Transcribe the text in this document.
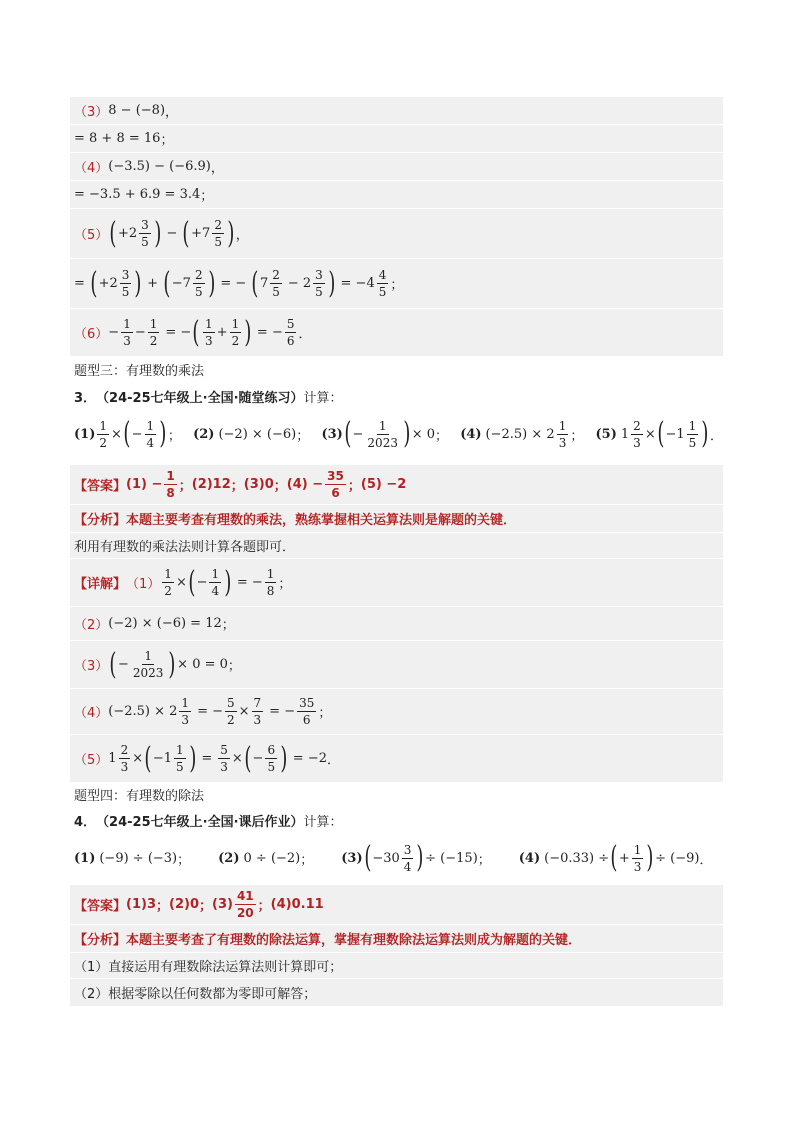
（3） 8 − (−8) ，
= 8 + 8 = 16 ；
（4） (−3.5) − (−6.9) ，
= −3.5 + 6.9 = 3.4 ；
（5） ( $+2 \frac{3}{5}$ ) − ( $+7 \frac{2}{5}$ ) ，
= ( $+2 \frac{3}{5}$ ) + ( $-7 \frac{2}{5}$ ) = − ( $7 \frac{2}{5} - 2 \frac{3}{5}$ ) = $-4 \frac{4}{5}$ ；
$(6) - \frac{1}{3} - \frac{1}{2}$ = − ( $\frac{1}{3} + \frac{1}{2}$ ) = − $\frac{5}{6}$ ．
题型三：有理数的乘法
3． （24-25七年级上·全国·随堂练习） 计算：
$(1) \frac{1}{2}$ × ( − $\frac{1}{4}$ ) ； (2) (−2) × (−6) ； (3) ( − $\frac{1}{2023}$ ) × 0 ； (4) $(-2.5) \times 2 \frac{1}{3}$ ； (5) $1 \frac{2}{3}$ × ( $-1 \frac{1}{5}$ ) ．
【答案】 $(1) - \frac{1}{8}$ ； (2)12 ； (3)0 ； $(4) - \frac{35}{6}$ ； (5) −2
【分析】 本题主要考查有理数的乘法，熟练掌握相关运算法则是解题的关键．
利用有理数的乘法法则计算各题即可．
【详解】 $(1) \frac{1}{2}$ × ( − $\frac{1}{4}$ ) = − $\frac{1}{8}$ ；
（2） (−2) × (−6) = 12 ；
（3） ( − $\frac{1}{2023}$ ) × 0 = 0 ；
（4） $(-2.5) \times 2 \frac{1}{3}$ = − $\frac{5}{2} \times \frac{7}{3}$ = − $\frac{35}{6}$ ；
（5） $1 \frac{2}{3}$ × ( $-1 \frac{1}{5}$ ) = $\frac{5}{3}$ × ( − $\frac{6}{5}$ ) = −2 ．
题型四：有理数的除法
4． （24-25七年级上·全国·课后作业） 计算：
(1) (−9) ÷ (−3) ； (2) 0 ÷ (−2) ； (3) ( $-30 \frac{3}{4}$ ) ÷ (−15) ； (4) (−0.33) ÷ ( + $\frac{1}{3}$ ) ÷ (−9) ．
【答案】 (1)3 ； (2)0 ； $(3) \frac{41}{20}$ ； (4)0.11
【分析】 本题主要考查了有理数的除法运算，掌握有理数除法运算法则成为解题的关键．
（1）直接运用有理数除法运算法则计算即可；
（2）根据零除以任何数都为零即可解答；
